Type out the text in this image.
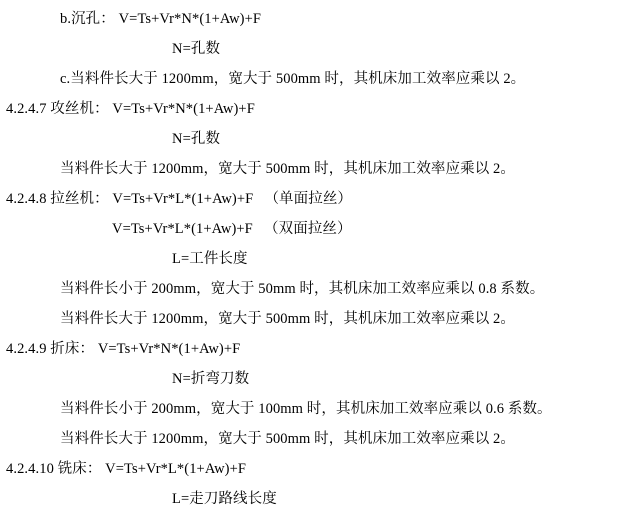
b.沉孔： V=Ts+Vr*N*(1+Aw)+F
N=孔数
c.当料件长大于 1200mm，宽大于 500mm 时，其机床加工效率应乘以 2。
4.2.4.7 攻丝机： V=Ts+Vr*N*(1+Aw)+F
N=孔数
当料件长大于 1200mm，宽大于 500mm 时，其机床加工效率应乘以 2。
4.2.4.8 拉丝机： V=Ts+Vr*L*(1+Aw)+F   （单面拉丝）
V=Ts+Vr*L*(1+Aw)+F   （双面拉丝）
L=工件长度
当料件长小于 200mm，宽大于 50mm 时，其机床加工效率应乘以 0.8 系数。
当料件长大于 1200mm，宽大于 500mm 时，其机床加工效率应乘以 2。
4.2.4.9 折床： V=Ts+Vr*N*(1+Aw)+F
N=折弯刀数
当料件长小于 200mm，宽大于 100mm 时，其机床加工效率应乘以 0.6 系数。
当料件长大于 1200mm，宽大于 500mm 时，其机床加工效率应乘以 2。
4.2.4.10 铣床： V=Ts+Vr*L*(1+Aw)+F
L=走刀路线长度
